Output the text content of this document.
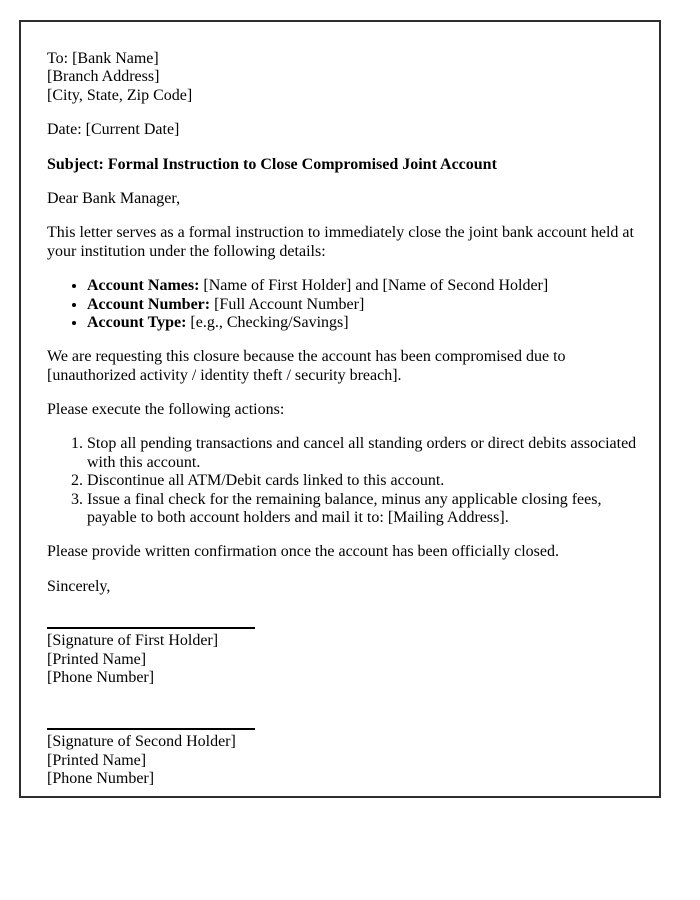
To: [Bank Name]
[Branch Address]
[City, State, Zip Code]

Date: [Current Date]

Subject: Formal Instruction to Close Compromised Joint Account

Dear Bank Manager,

This letter serves as a formal instruction to immediately close the joint bank account held at your institution under the following details:

• Account Names: [Name of First Holder] and [Name of Second Holder]
• Account Number: [Full Account Number]
• Account Type: [e.g., Checking/Savings]

We are requesting this closure because the account has been compromised due to [unauthorized activity / identity theft / security breach].

Please execute the following actions:

1. Stop all pending transactions and cancel all standing orders or direct debits associated with this account.
2. Discontinue all ATM/Debit cards linked to this account.
3. Issue a final check for the remaining balance, minus any applicable closing fees, payable to both account holders and mail it to: [Mailing Address].

Please provide written confirmation once the account has been officially closed.

Sincerely,

[Signature of First Holder]
[Printed Name]
[Phone Number]
[Signature of Second Holder]
[Printed Name]
[Phone Number]
